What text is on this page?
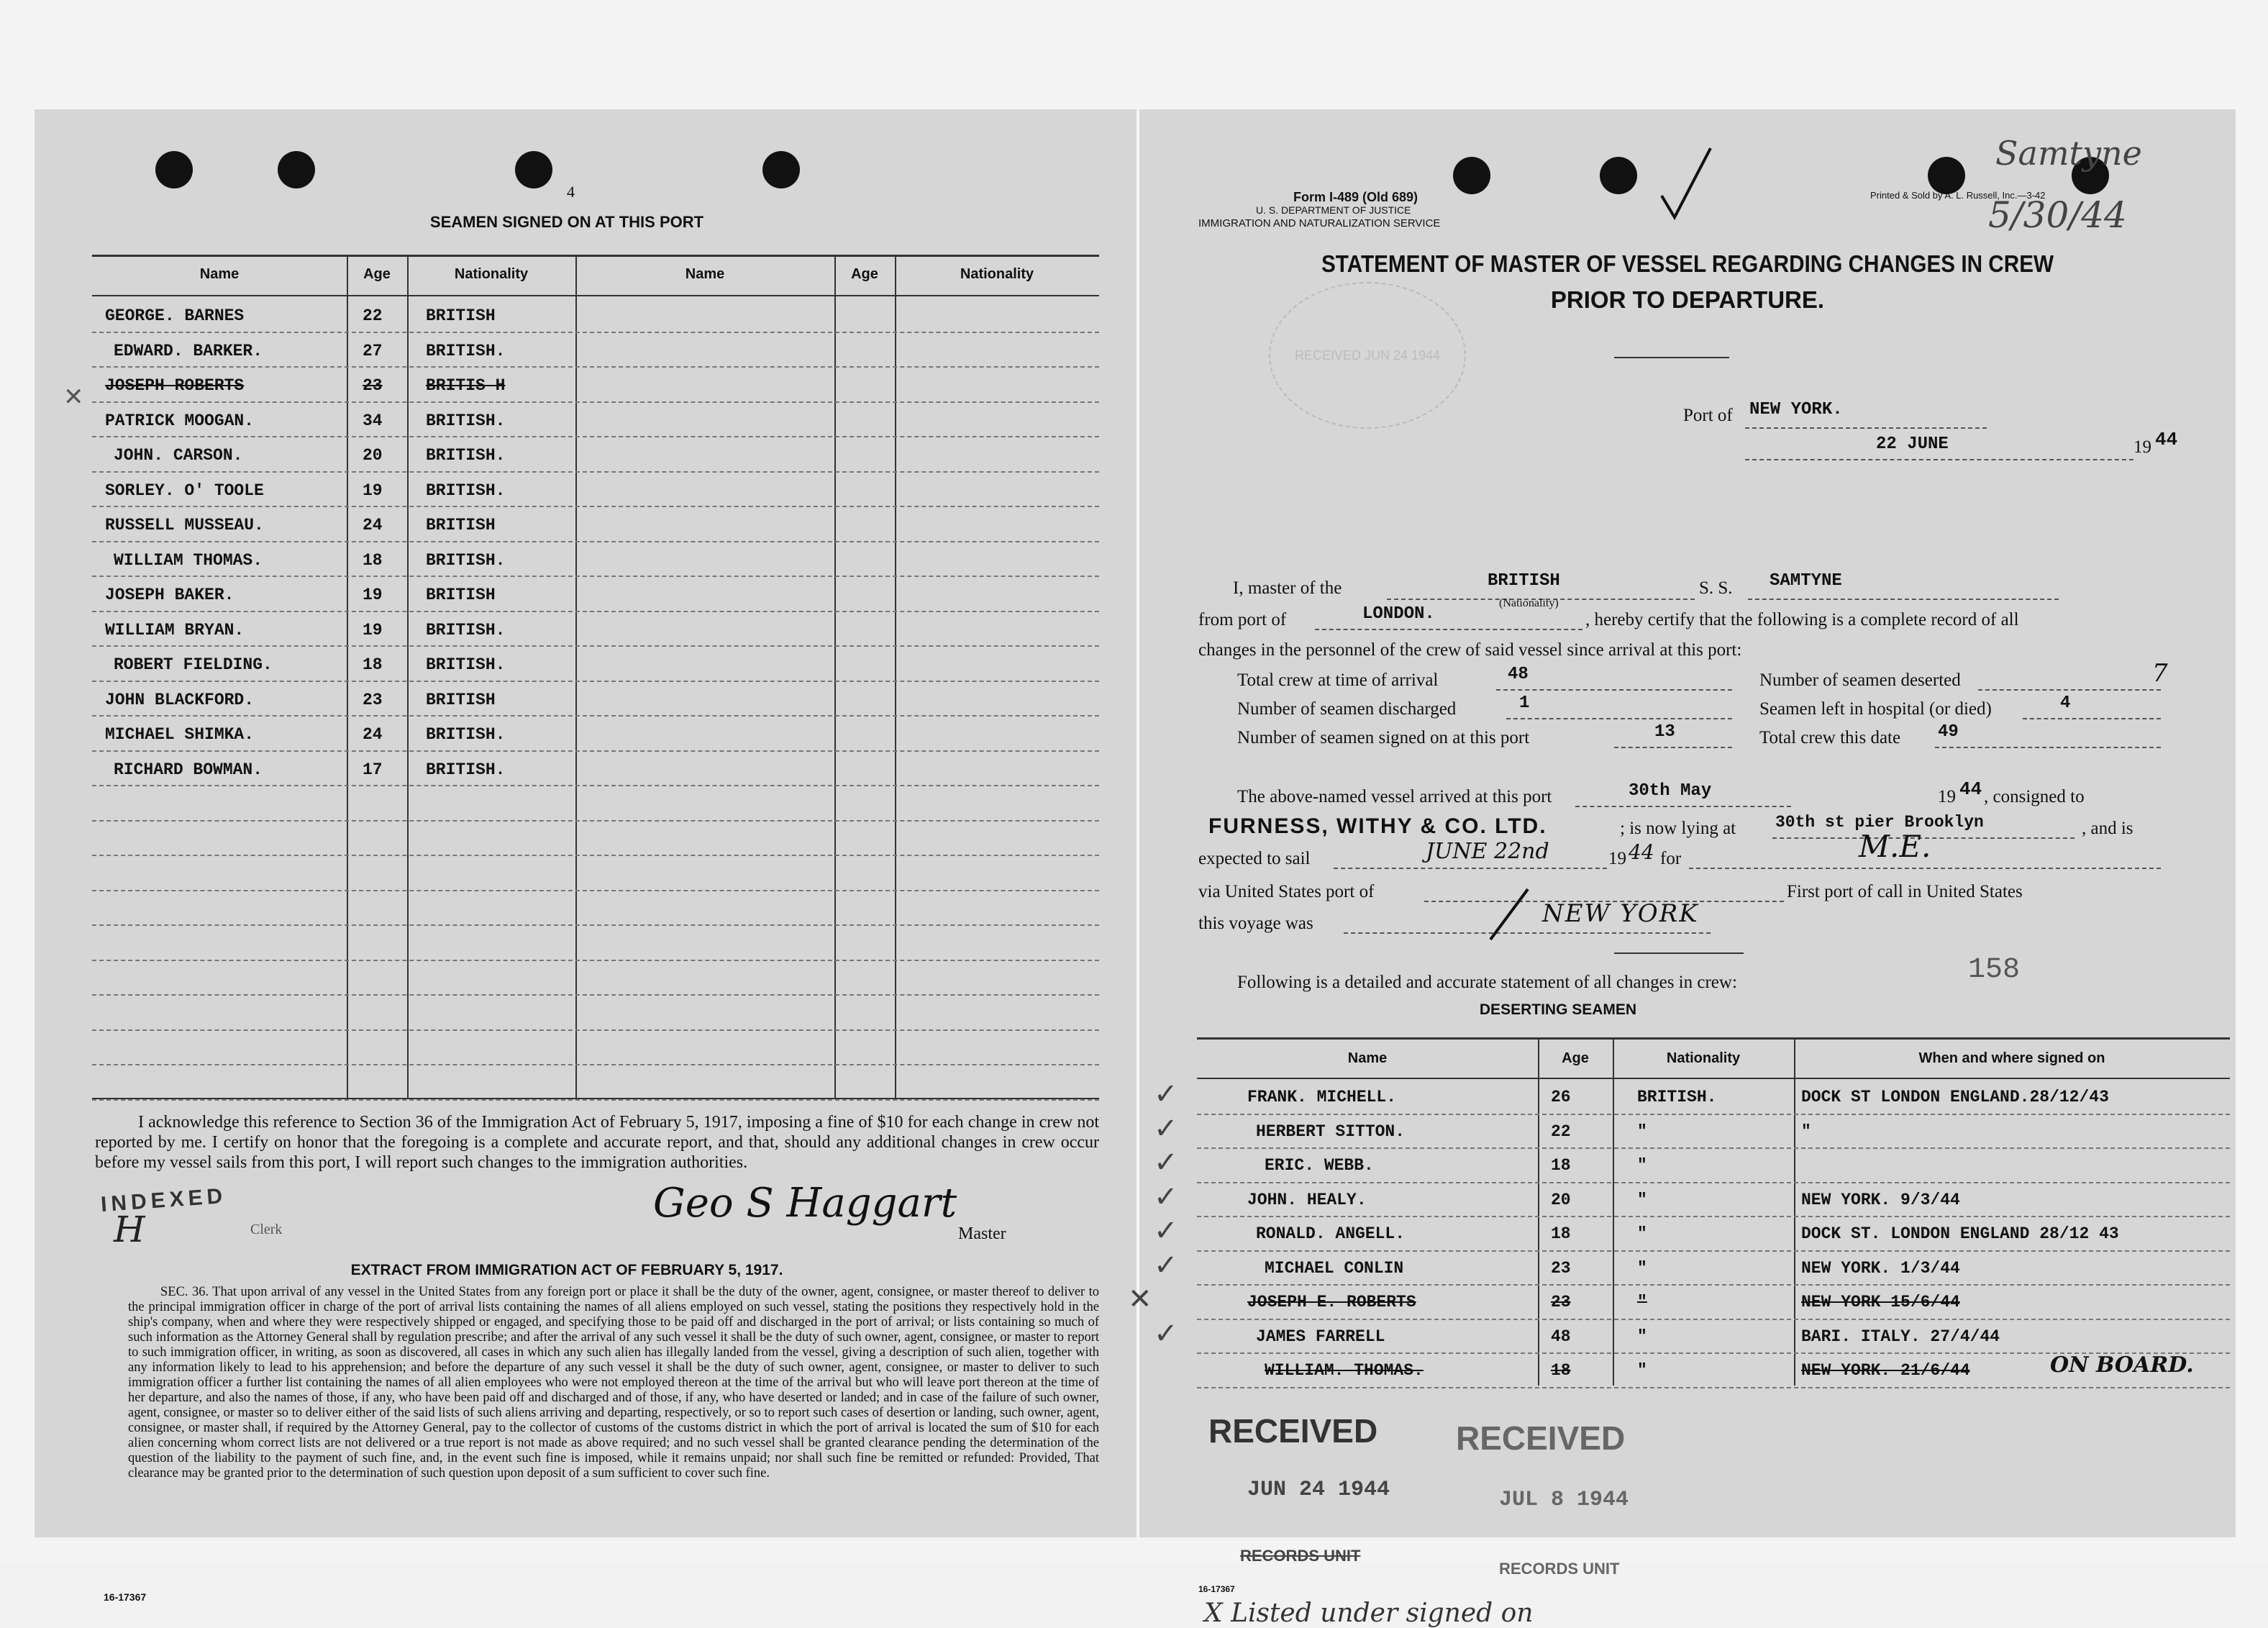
4
SEAMEN SIGNED ON AT THIS PORT
Name	Age	Nationality	Name	Age	Nationality
GEORGE. BARNES	22	BRITISH
EDWARD. BARKER.	27	BRITISH.
JOSEPH ROBERTS	23	BRITIS H
PATRICK MOOGAN.	34	BRITISH.
JOHN. CARSON.	20	BRITISH.
SORLEY. O' TOOLE	19	BRITISH.
RUSSELL MUSSEAU.	24	BRITISH
WILLIAM THOMAS.	18	BRITISH.
JOSEPH BAKER.	19	BRITISH
WILLIAM BRYAN.	19	BRITISH.
ROBERT FIELDING.	18	BRITISH.
JOHN BLACKFORD.	23	BRITISH
MICHAEL SHIMKA.	24	BRITISH.
RICHARD BOWMAN.	17	BRITISH.
✕
I acknowledge this reference to Section 36 of the Immigration Act of February 5, 1917, imposing a fine of $10 for each change in crew not reported by me. I certify on honor that the foregoing is a complete and accurate report, and that, should any additional changes in crew occur before my vessel sails from this port, I will report such changes to the immigration authorities.
INDEXED
H	Clerk
Geo S Haggart
Master
EXTRACT FROM IMMIGRATION ACT OF FEBRUARY 5, 1917.
SEC. 36. That upon arrival of any vessel in the United States from any foreign port or place it shall be the duty of the owner, agent, consignee, or master thereof to deliver to the principal immigration officer in charge of the port of arrival lists containing the names of all aliens employed on such vessel, stating the positions they respectively hold in the ship's company, when and where they were respectively shipped or engaged, and specifying those to be paid off and discharged in the port of arrival; or lists containing so much of such information as the Attorney General shall by regulation prescribe; and after the arrival of any such vessel it shall be the duty of such owner, agent, consignee, or master to report to such immigration officer, in writing, as soon as discovered, all cases in which any such alien has illegally landed from the vessel, giving a description of such alien, together with any information likely to lead to his apprehension; and before the departure of any such vessel it shall be the duty of such owner, agent, consignee, or master to deliver to such immigration officer a further list containing the names of all alien employees who were not employed thereon at the time of the arrival but who will leave port thereon at the time of her departure, and also the names of those, if any, who have been paid off and discharged and of those, if any, who have deserted or landed; and in case of the failure of such owner, agent, consignee, or master so to deliver either of the said lists of such aliens arriving and departing, respectively, or so to report such cases of desertion or landing, such owner, agent, consignee, or master shall, if required by the Attorney General, pay to the collector of customs of the customs district in which the port of arrival is located the sum of $10 for each alien concerning whom correct lists are not delivered or a true report is not made as above required; and no such vessel shall be granted clearance pending the determination of the question of the liability to the payment of such fine, and, in the event such fine is imposed, while it remains unpaid; nor shall such fine be remitted or refunded: Provided, That clearance may be granted prior to the determination of such question upon deposit of a sum sufficient to cover such fine.
16-17367
Samtyne
5/30/44
Form I-489 (Old 689)
U. S. DEPARTMENT OF JUSTICE
IMMIGRATION AND NATURALIZATION SERVICE
Printed & Sold by A. L. Russell, Inc.—3-42
STATEMENT OF MASTER OF VESSEL REGARDING CHANGES IN CREW
PRIOR TO DEPARTURE.
RECEIVED JUN 24 1944
Port of NEW YORK.
22 JUNE	19 44
I, master of the	BRITISH
(Nationality)
S. S. SAMTYNE
from port of	LONDON.	, hereby certify that the following is a complete record of all
changes in the personnel of the crew of said vessel since arrival at this port:
Total crew at time of arrival	48	Number of seamen deserted	7
Number of seamen discharged	1	Seamen left in hospital (or died)	4
Number of seamen signed on at this port	13	Total crew this date 49
The above-named vessel arrived at this port	30th May	19 44 , consigned to
FURNESS, WITHY & CO. LTD.	; is now lying at 30th st pier Brooklyn	, and is
expected to sail	JUNE 22nd	19 44 for	M.E.
via United States port of	First port of call in United States
this voyage was	NEW YORK
Following is a detailed and accurate statement of all changes in crew:	158
DESERTING SEAMEN
Name	Age	Nationality	When and where signed on
FRANK. MICHELL.	26	BRITISH.	DOCK ST LONDON ENGLAND.28/12/43
✓
HERBERT SITTON.	22	"	"
✓
ERIC. WEBB.	18	"
✓
JOHN. HEALY.	20	"	NEW YORK. 9/3/44
✓
RONALD. ANGELL.	18	"	DOCK ST. LONDON ENGLAND 28/12 43
✓
MICHAEL CONLIN	23	"	NEW YORK. 1/3/44
✓
JOSEPH E. ROBERTS	23	"	NEW YORK 15/6/44
✕
JAMES FARRELL	48	"	BARI. ITALY. 27/4/44
✓
WILLIAM. THOMAS.	18	"	NEW YORK. 21/6/44	ON BOARD.
RECEIVED
JUN 24 1944
RECORDS UNIT
RECEIVED
JUL 8 1944
RECORDS UNIT
16-17367
X Listed under signed on
